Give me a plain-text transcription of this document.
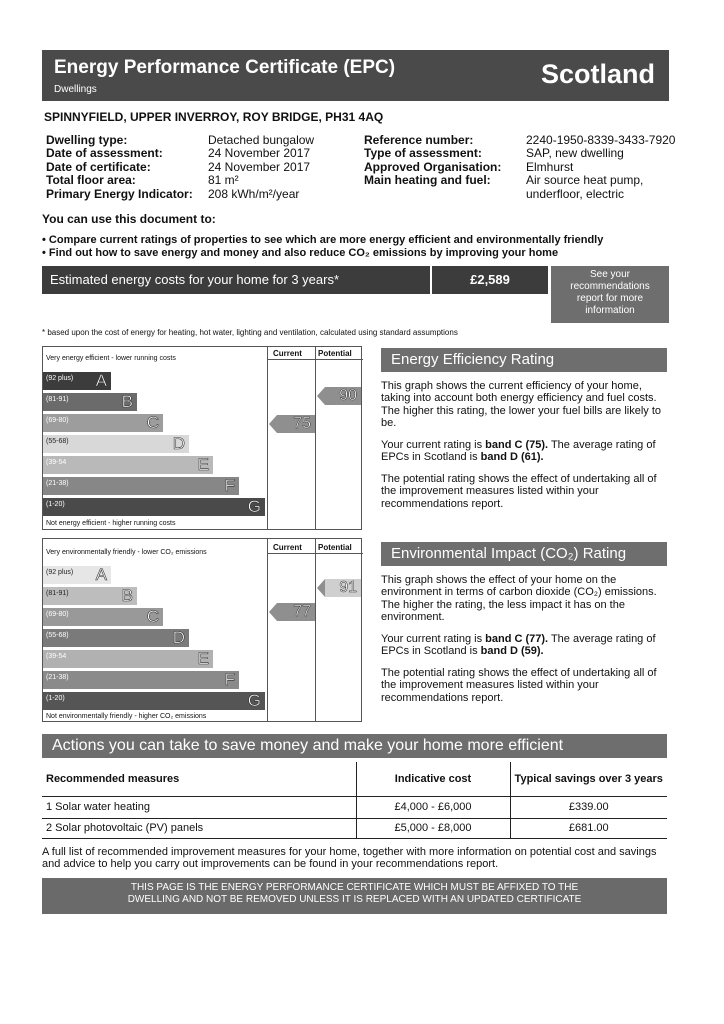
Energy Performance Certificate (EPC)
Dwellings
Scotland
SPINNYFIELD, UPPER INVERROY, ROY BRIDGE, PH31 4AQ
Dwelling type:	Detached bungalow
Date of assessment:	24 November 2017
Date of certificate:	24 November 2017
Total floor area:	81 m²
Primary Energy Indicator:	208 kWh/m²/year
Reference number:	2240-1950-8339-3433-7920
Type of assessment:	SAP, new dwelling
Approved Organisation:	Elmhurst
Main heating and fuel:	Air source heat pump,
underfloor, electric
You can use this document to:
• Compare current ratings of properties to see which are more energy efficient and environmentally friendly
• Find out how to save energy and money and also reduce CO₂ emissions by improving your home
Estimated energy costs for your home for 3 years*	£2,589	See your recommendations report for more information
* based upon the cost of energy for heating, hot water, lighting and ventilation, calculated using standard assumptions
Very energy efficient - lower running costs
Current Potential
(92 plus) A
(81-91)	B
(69-80)	C
(55-68)	D
(39-54	E
(21-38)	F
(1-20)	G
75
90
Not energy efficient - higher running costs
Energy Efficiency Rating
This graph shows the current efficiency of your home, taking into account both energy efficiency and fuel costs. The higher this rating, the lower your fuel bills are likely to be.
Your current rating is band C (75). The average rating of EPCs in Scotland is band D (61).
The potential rating shows the effect of undertaking all of the improvement measures listed within your recommendations report.
Very environmentally friendly - lower CO₂ emissions
Current Potential
(92 plus) A
(81-91)	B
(69-80)	C
(55-68)	D
(39-54	E
(21-38)	F
(1-20)	G
77
91
Not environmentally friendly - higher CO₂ emissions
Environmental Impact (CO₂) Rating
This graph shows the effect of your home on the environment in terms of carbon dioxide (CO₂) emissions. The higher the rating, the less impact it has on the environment.
Your current rating is band C (77). The average rating of EPCs in Scotland is band D (59).
The potential rating shows the effect of undertaking all of the improvement measures listed within your recommendations report.
Actions you can take to save money and make your home more efficient
Recommended measures	Indicative cost	Typical savings over 3 years
1 Solar water heating	£4,000 - £6,000	£339.00
2 Solar photovoltaic (PV) panels	£5,000 - £8,000	£681.00
A full list of recommended improvement measures for your home, together with more information on potential cost and savings and advice to help you carry out improvements can be found in your recommendations report.
THIS PAGE IS THE ENERGY PERFORMANCE CERTIFICATE WHICH MUST BE AFFIXED TO THE
DWELLING AND NOT BE REMOVED UNLESS IT IS REPLACED WITH AN UPDATED CERTIFICATE
